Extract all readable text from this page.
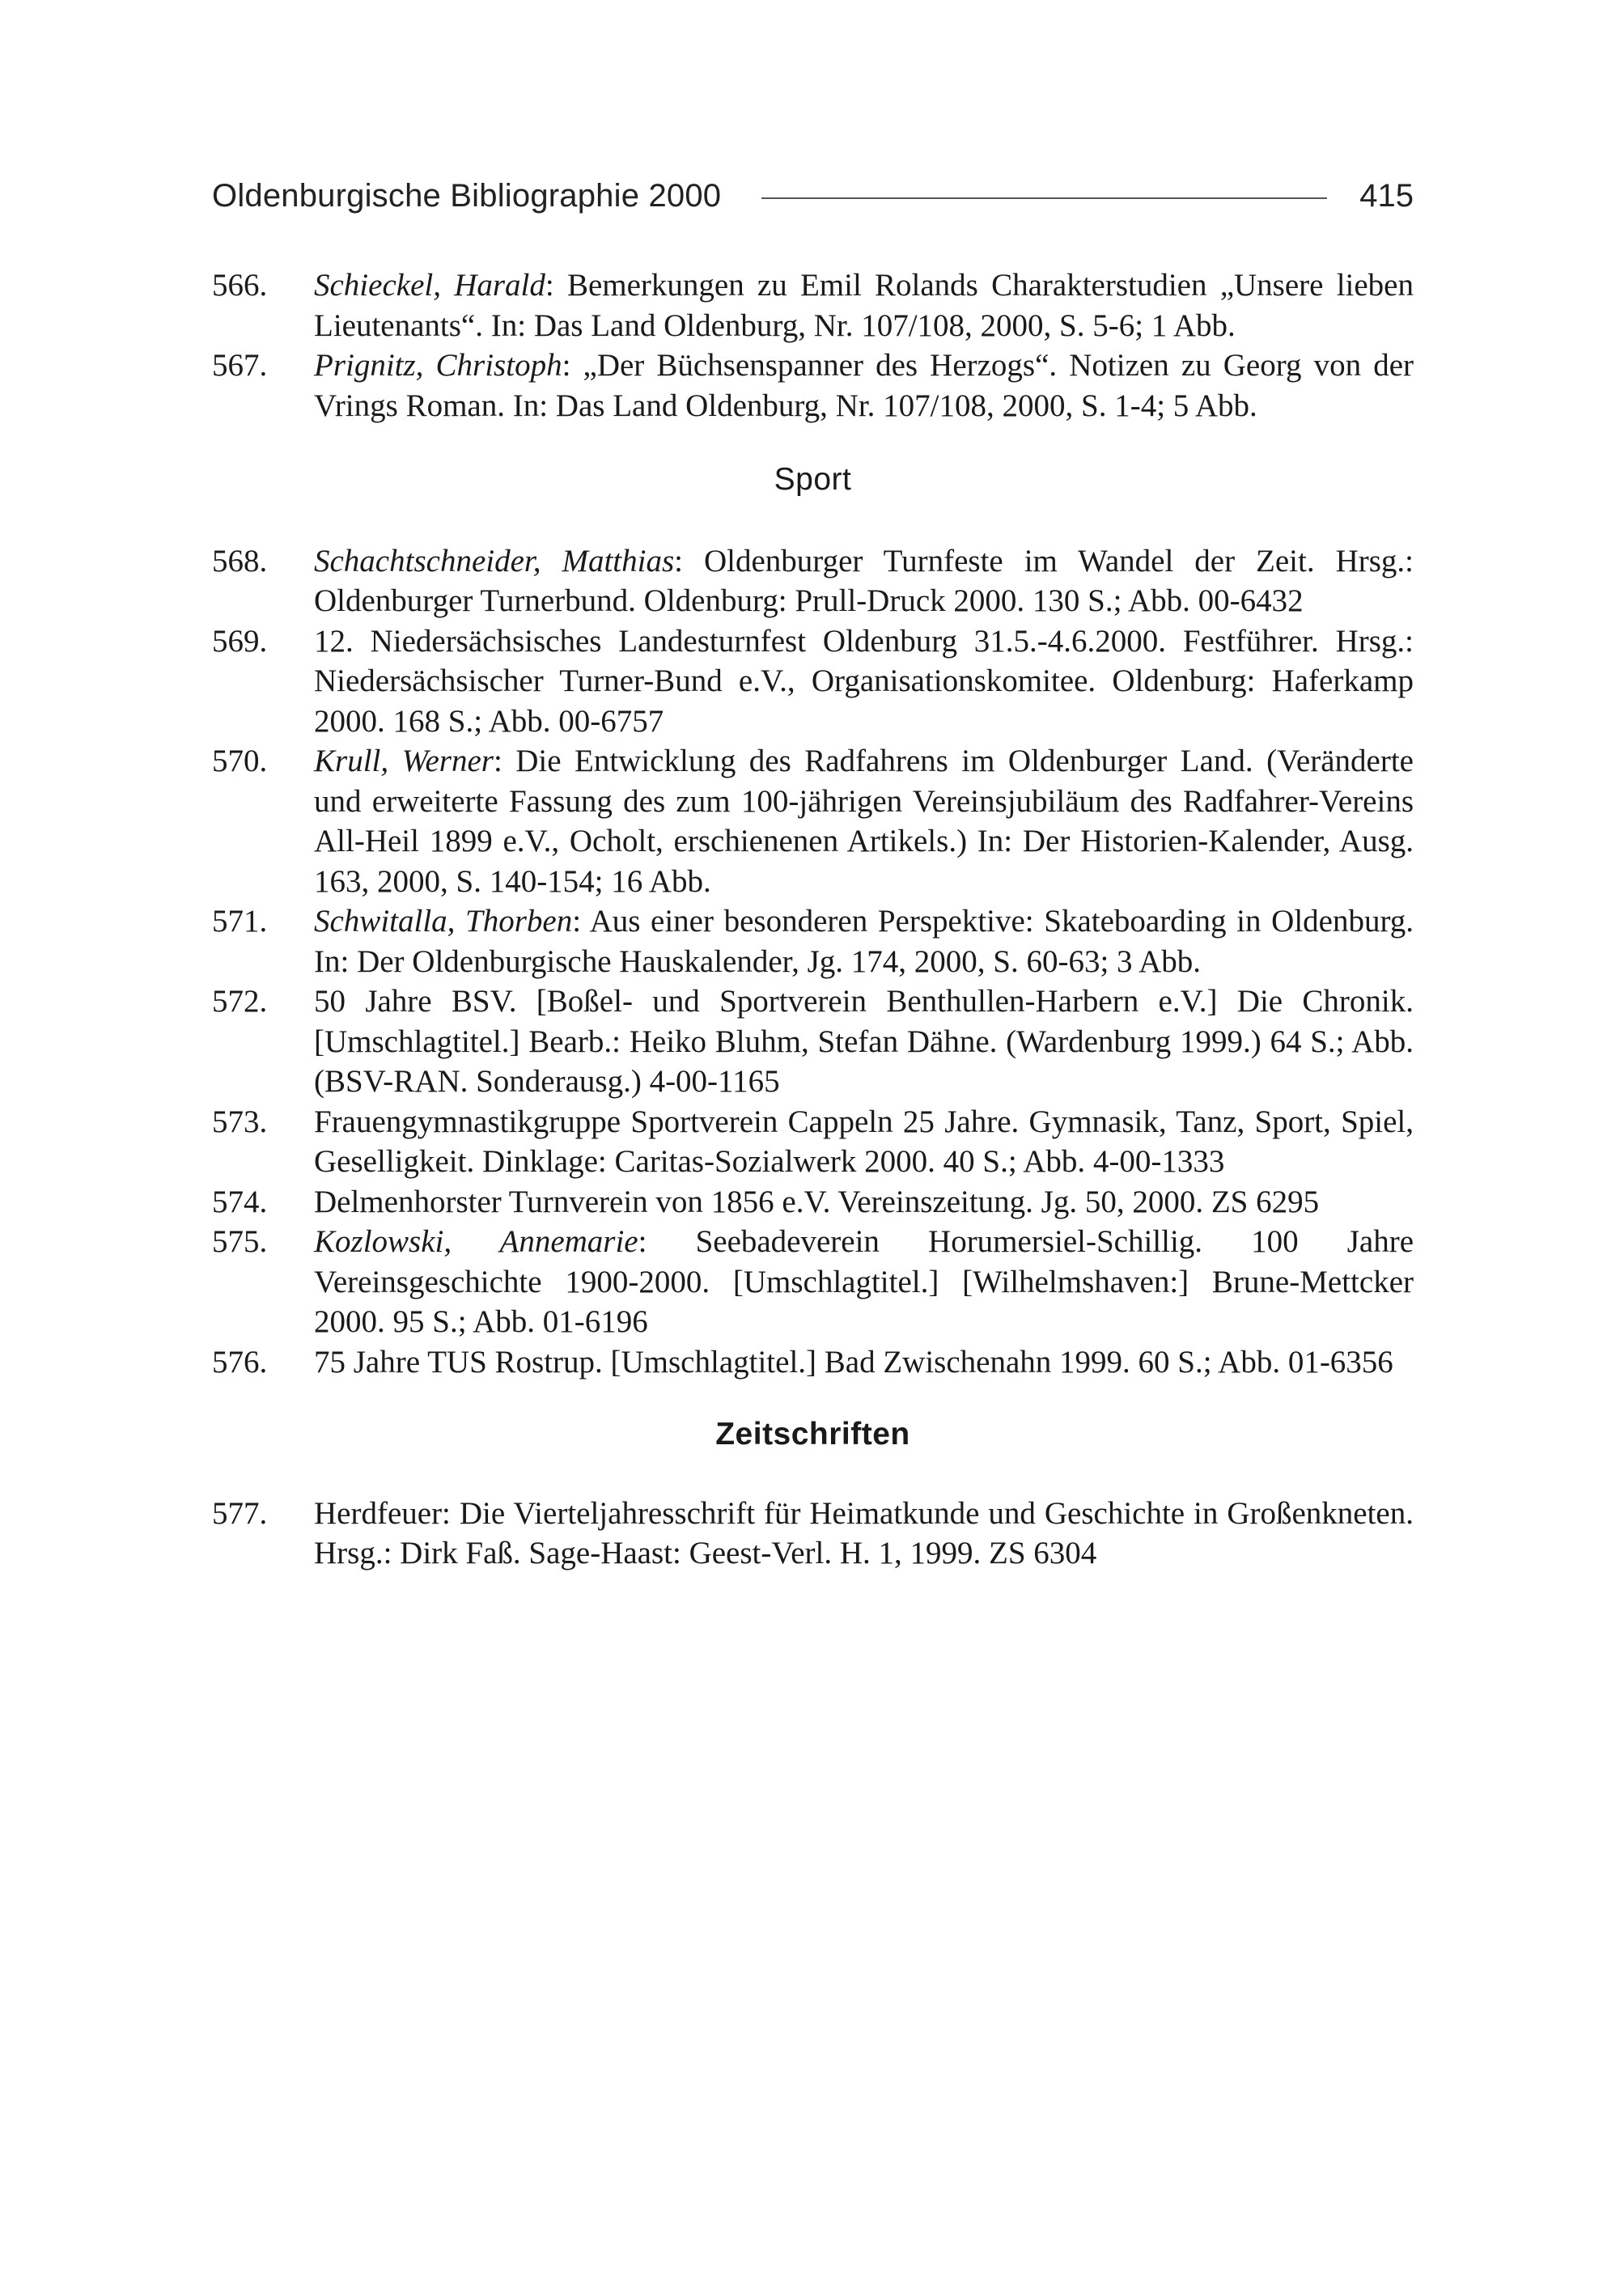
Oldenburgische Bibliographie 2000	415
566.	Schieckel, Harald: Bemerkungen zu Emil Rolands Charakterstudien „Unsere lieben Lieutenants“. In: Das Land Oldenburg, Nr. 107/108, 2000, S. 5-6; 1 Abb.
567.	Prignitz, Christoph: „Der Büchsenspanner des Herzogs“. Notizen zu Georg von der Vrings Roman. In: Das Land Oldenburg, Nr. 107/108, 2000, S. 1-4; 5 Abb.
Sport
568.	Schachtschneider, Matthias: Oldenburger Turnfeste im Wandel der Zeit. Hrsg.: Oldenburger Turnerbund. Oldenburg: Prull-Druck 2000. 130 S.; Abb. 00-6432
569.	12. Niedersächsisches Landesturnfest Oldenburg 31.5.-4.6.2000. Festführer. Hrsg.: Niedersächsischer Turner-Bund e.V., Organisationskomitee. Oldenburg: Haferkamp 2000. 168 S.; Abb. 00-6757
570.	Krull, Werner: Die Entwicklung des Radfahrens im Oldenburger Land. (Veränderte und erweiterte Fassung des zum 100-jährigen Vereinsjubiläum des Radfahrer-Vereins All-Heil 1899 e.V., Ocholt, erschienenen Artikels.) In: Der Historien-Kalender, Ausg. 163, 2000, S. 140-154; 16 Abb.
571.	Schwitalla, Thorben: Aus einer besonderen Perspektive: Skateboarding in Oldenburg. In: Der Oldenburgische Hauskalender, Jg. 174, 2000, S. 60-63; 3 Abb.
572.	50 Jahre BSV. [Boßel- und Sportverein Benthullen-Harbern e.V.] Die Chronik. [Umschlagtitel.] Bearb.: Heiko Bluhm, Stefan Dähne. (Wardenburg 1999.) 64 S.; Abb. (BSV-RAN. Sonderausg.) 4-00-1165
573.	Frauengymnastikgruppe Sportverein Cappeln 25 Jahre. Gymnasik, Tanz, Sport, Spiel, Geselligkeit. Dinklage: Caritas-Sozialwerk 2000. 40 S.; Abb. 4-00-1333
574.	Delmenhorster Turnverein von 1856 e.V. Vereinszeitung. Jg. 50, 2000. ZS 6295
575.	Kozlowski, Annemarie: Seebadeverein Horumersiel-Schillig. 100 Jahre Vereinsgeschichte 1900-2000. [Umschlagtitel.] [Wilhelmshaven:] Brune-Mettcker 2000. 95 S.; Abb. 01-6196
576.	75 Jahre TUS Rostrup. [Umschlagtitel.] Bad Zwischenahn 1999. 60 S.; Abb. 01-6356
Zeitschriften
577.	Herdfeuer: Die Vierteljahresschrift für Heimatkunde und Geschichte in Großenkneten. Hrsg.: Dirk Faß. Sage-Haast: Geest-Verl. H. 1, 1999. ZS 6304
